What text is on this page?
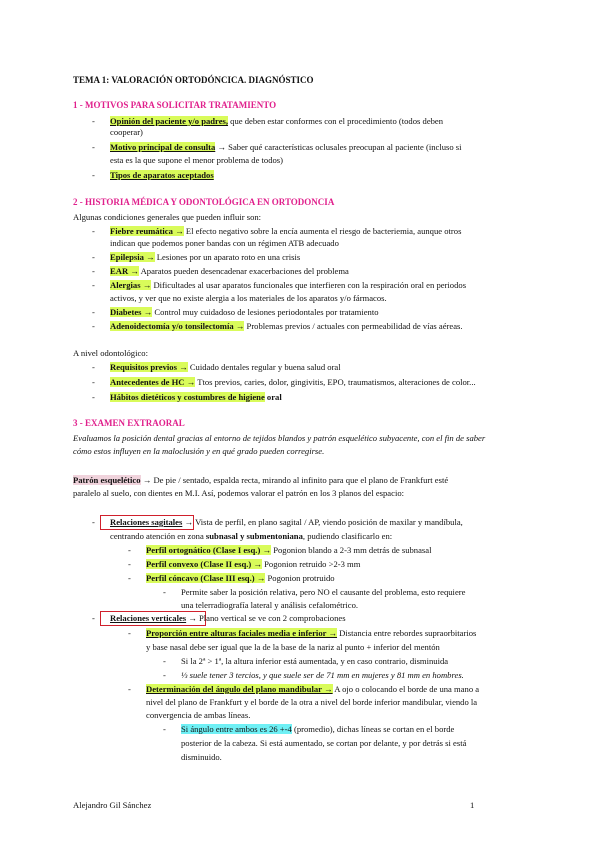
TEMA 1: VALORACIÓN ORTODÓNCICA. DIAGNÓSTICO
1 - MOTIVOS PARA SOLICITAR TRATAMIENTO
- Opinión del paciente y/o padres, que deben estar conformes con el procedimiento (todos deben
cooperar)
- Motivo principal de consulta → Saber qué características oclusales preocupan al paciente (incluso si
esta es la que supone el menor problema de todos)
- Tipos de aparatos aceptados
2 - HISTORIA MÉDICA Y ODONTOLÓGICA EN ORTODONCIA
Algunas condiciones generales que pueden influir son:
- Fiebre reumática → El efecto negativo sobre la encía aumenta el riesgo de bacteriemia, aunque otros
indican que podemos poner bandas con un régimen ATB adecuado
- Epilepsia → Lesiones por un aparato roto en una crisis
- EAR → Aparatos pueden desencadenar exacerbaciones del problema
- Alergias → Dificultades al usar aparatos funcionales que interfieren con la respiración oral en periodos
activos, y ver que no existe alergia a los materiales de los aparatos y/o fármacos.
- Diabetes → Control muy cuidadoso de lesiones periodontales por tratamiento
- Adenoidectomía y/o tonsilectomía → Problemas previos / actuales con permeabilidad de vías aéreas.
A nivel odontológico:
- Requisitos previos → Cuidado dentales regular y buena salud oral
- Antecedentes de HC → Ttos previos, caries, dolor, gingivitis, EPO, traumatismos, alteraciones de color...
- Hábitos dietéticos y costumbres de higiene oral
3 - EXAMEN EXTRAORAL
Evaluamos la posición dental gracias al entorno de tejidos blandos y patrón esquelético subyacente, con el fin de saber
cómo estos influyen en la maloclusión y en qué grado pueden corregirse.
Patrón esquelético → De pie / sentado, espalda recta, mirando al infinito para que el plano de Frankfurt esté
paralelo al suelo, con dientes en M.I. Así, podemos valorar el patrón en los 3 planos del espacio:
- Relaciones sagitales → Vista de perfil, en plano sagital / AP, viendo posición de maxilar y mandíbula,
centrando atención en zona subnasal y submentoniana, pudiendo clasificarlo en:
- Perfil ortognático (Clase I esq.) → Pogonion blando a 2-3 mm detrás de subnasal
- Perfil convexo (Clase II esq.) → Pogonion retruido >2-3 mm
- Perfil cóncavo (Clase III esq.) → Pogonion protruido
- Permite saber la posición relativa, pero NO el causante del problema, esto requiere
una telerradiografía lateral y análisis cefalométrico.
- Relaciones verticales → Plano vertical se ve con 2 comprobaciones
- Proporción entre alturas faciales media e inferior → Distancia entre rebordes supraorbitarios
y base nasal debe ser igual que la de la base de la nariz al punto + inferior del mentón
- Si la 2ª > 1ª, la altura inferior está aumentada, y en caso contrario, disminuida
- ⅓ suele tener 3 tercios, y que suele ser de 71 mm en mujeres y 81 mm en hombres.
- Determinación del ángulo del plano mandibular → A ojo o colocando el borde de una mano a
nivel del plano de Frankfurt y el borde de la otra a nivel del borde inferior mandibular, viendo la
convergencia de ambas líneas.
- Si ángulo entre ambos es 26 +-4 (promedio), dichas líneas se cortan en el borde
posterior de la cabeza. Si está aumentado, se cortan por delante, y por detrás si está
disminuido.
Alejandro Gil Sánchez	1
